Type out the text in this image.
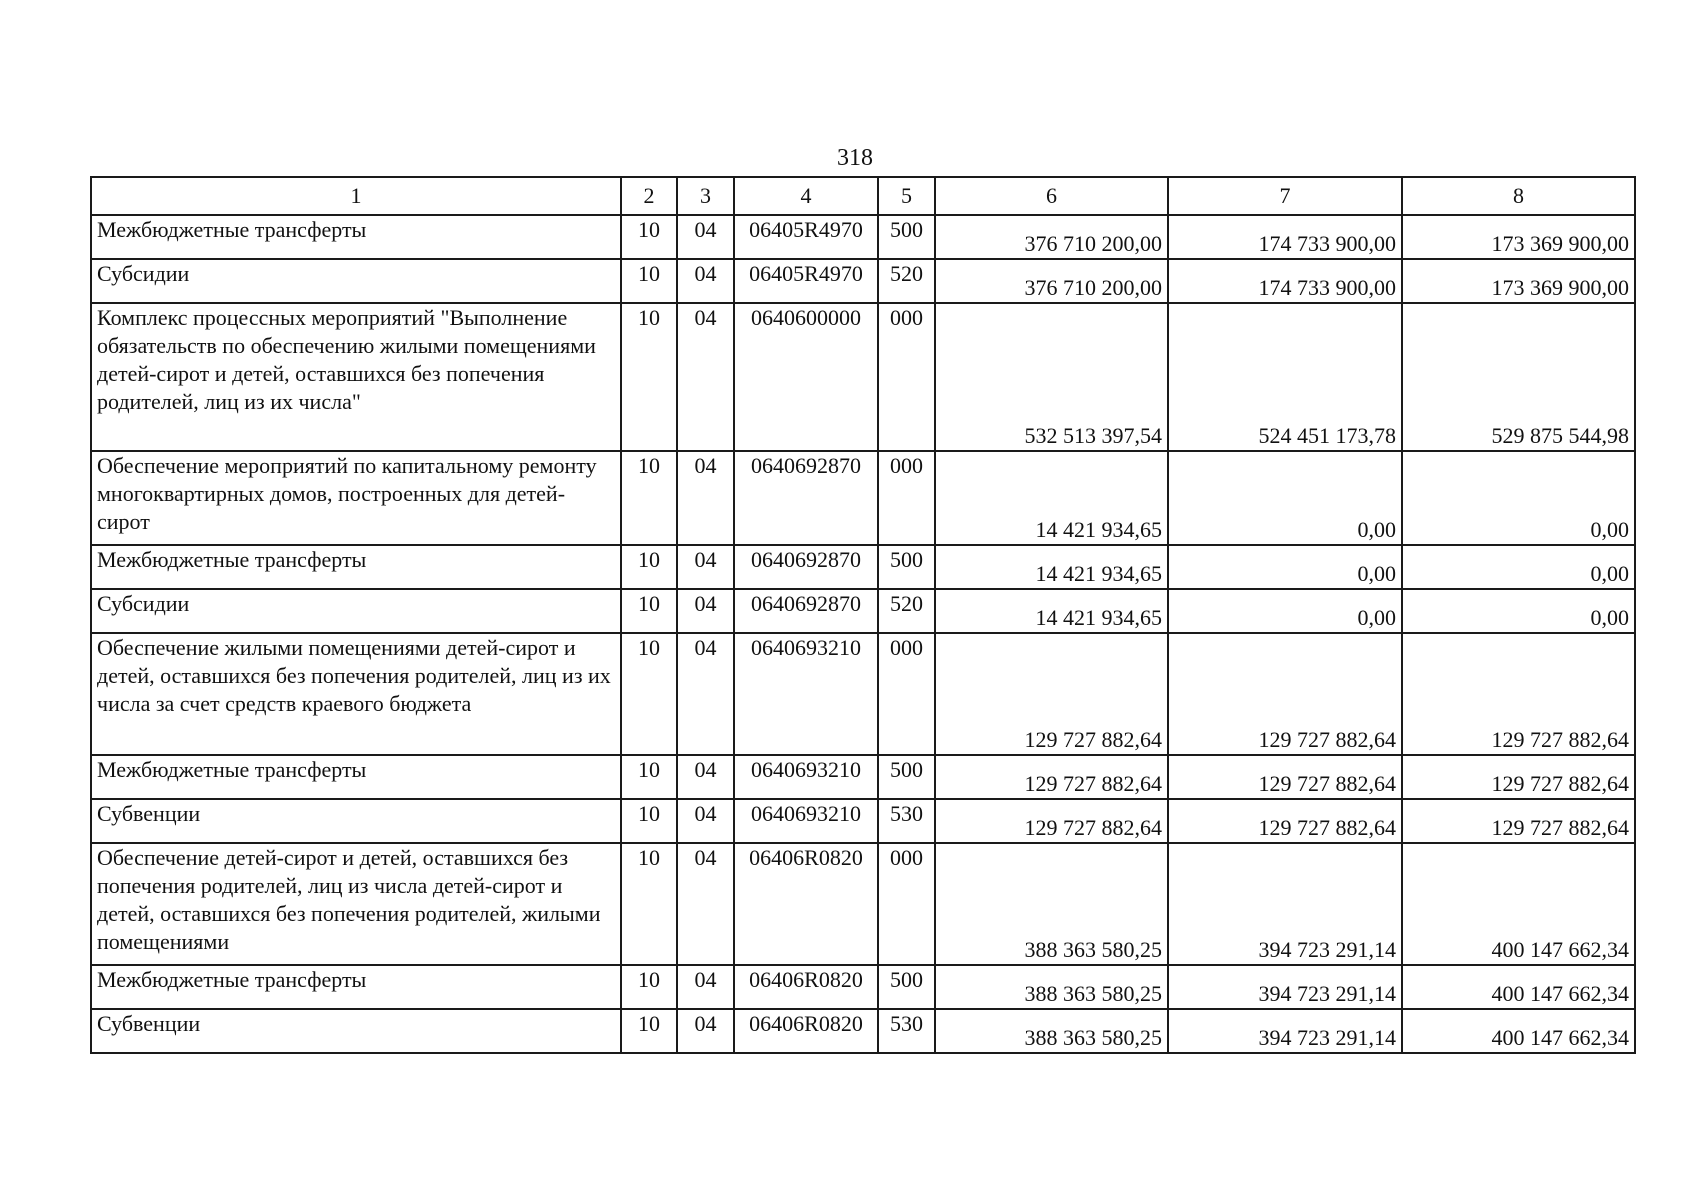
318
1	2	3	4	5	6	7	8
Межбюджетные трансферты	10	04	06405R4970	500	376 710 200,00	174 733 900,00	173 369 900,00
Субсидии	10	04	06405R4970	520	376 710 200,00	174 733 900,00	173 369 900,00
Комплекс процессных мероприятий "Выполнение обязательств по обеспечению жилыми помещениями детей-сирот и детей, оставшихся без попечения родителей, лиц из их числа"	10	04	0640600000	000	532 513 397,54	524 451 173,78	529 875 544,98
Обеспечение мероприятий по капитальному ремонту многоквартирных домов, построенных для детей-сирот	10	04	0640692870	000	14 421 934,65	0,00	0,00
Межбюджетные трансферты	10	04	0640692870	500	14 421 934,65	0,00	0,00
Субсидии	10	04	0640692870	520	14 421 934,65	0,00	0,00
Обеспечение жилыми помещениями детей-сирот и детей, оставшихся без попечения родителей, лиц из их числа за счет средств краевого бюджета	10	04	0640693210	000	129 727 882,64	129 727 882,64	129 727 882,64
Межбюджетные трансферты	10	04	0640693210	500	129 727 882,64	129 727 882,64	129 727 882,64
Субвенции	10	04	0640693210	530	129 727 882,64	129 727 882,64	129 727 882,64
Обеспечение детей-сирот и детей, оставшихся без попечения родителей, лиц из числа детей-сирот и детей, оставшихся без попечения родителей, жилыми помещениями	10	04	06406R0820	000	388 363 580,25	394 723 291,14	400 147 662,34
Межбюджетные трансферты	10	04	06406R0820	500	388 363 580,25	394 723 291,14	400 147 662,34
Субвенции	10	04	06406R0820	530	388 363 580,25	394 723 291,14	400 147 662,34
